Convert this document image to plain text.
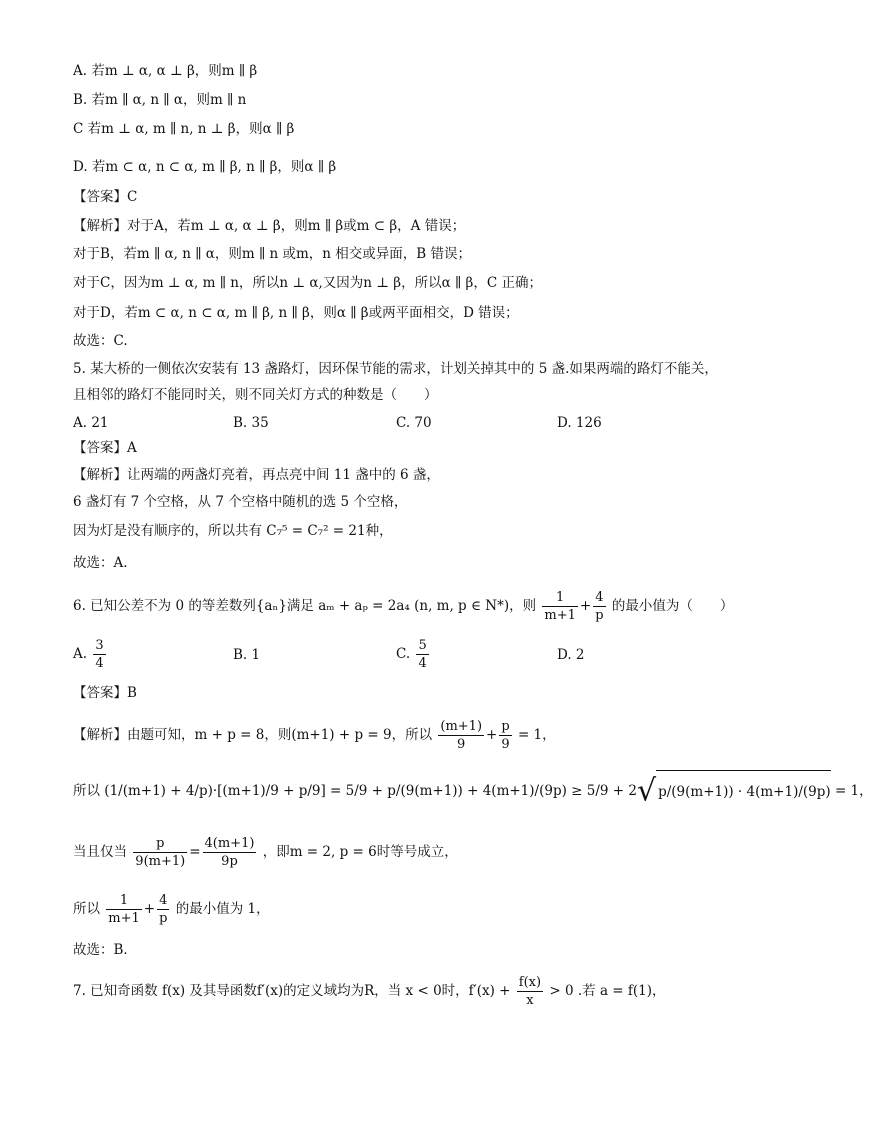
A. 若m ⊥ α, α ⊥ β，则m ∥ β
B. 若m ∥ α, n ∥ α，则m ∥ n
C 若m ⊥ α, m ∥ n, n ⊥ β，则α ∥ β
D. 若m ⊂ α, n ⊂ α, m ∥ β, n ∥ β，则α ∥ β
【答案】C
【解析】对于A，若m ⊥ α, α ⊥ β，则m ∥ β或m ⊂ β，A 错误；
对于B，若m ∥ α, n ∥ α，则m ∥ n 或m，n 相交或异面，B 错误；
对于C，因为m ⊥ α, m ∥ n，所以n ⊥ α,又因为n ⊥ β，所以α ∥ β，C 正确；
对于D，若m ⊂ α, n ⊂ α, m ∥ β, n ∥ β，则α ∥ β或两平面相交，D 错误；
故选：C.
5. 某大桥的一侧依次安装有 13 盏路灯，因环保节能的需求，计划关掉其中的 5 盏.如果两端的路灯不能关，
且相邻的路灯不能同时关，则不同关灯方式的种数是（　　）
A. 21	B. 35	C. 70	D. 126
【答案】A
【解析】让两端的两盏灯亮着，再点亮中间 11 盏中的 6 盏，
6 盏灯有 7 个空格，从 7 个空格中随机的选 5 个空格，
因为灯是没有顺序的，所以共有 C₇⁵ = C₇² = 21种，
故选：A.
6. 已知公差不为 0 的等差数列{aₙ}满足 aₘ + aₚ = 2a₄ (n, m, p ∈ N*)，则 $\frac{1}{m+1} + \frac{4}{p}$ 的最小值为（　　）
A. $\frac{3}{4}$	B. 1	C. $\frac{5}{4}$	D. 2
【答案】B
【解析】由题可知，m + p = 8，则(m+1) + p = 9，所以 $\frac{(m+1)}{9} + \frac{p}{9} = 1$，
所以 (1/(m+1) + 4/p)·[(m+1)/9 + p/9] = 5/9 + p/(9(m+1)) + 4(m+1)/(9p) ≥ 5/9 + 2√ p/(9(m+1)) · 4(m+1)/(9p) = 1，
当且仅当 $\frac{p}{9(m+1)} = \frac{4(m+1)}{9p}$ ，即m = 2, p = 6时等号成立，
所以 $\frac{1}{m+1} + \frac{4}{p}$ 的最小值为 1，
故选：B．
7. 已知奇函数 f(x) 及其导函数f′(x)的定义域均为R，当 x < 0时，$f'(x) + \frac{f(x)}{x} > 0$ .若 a = f(1)，
